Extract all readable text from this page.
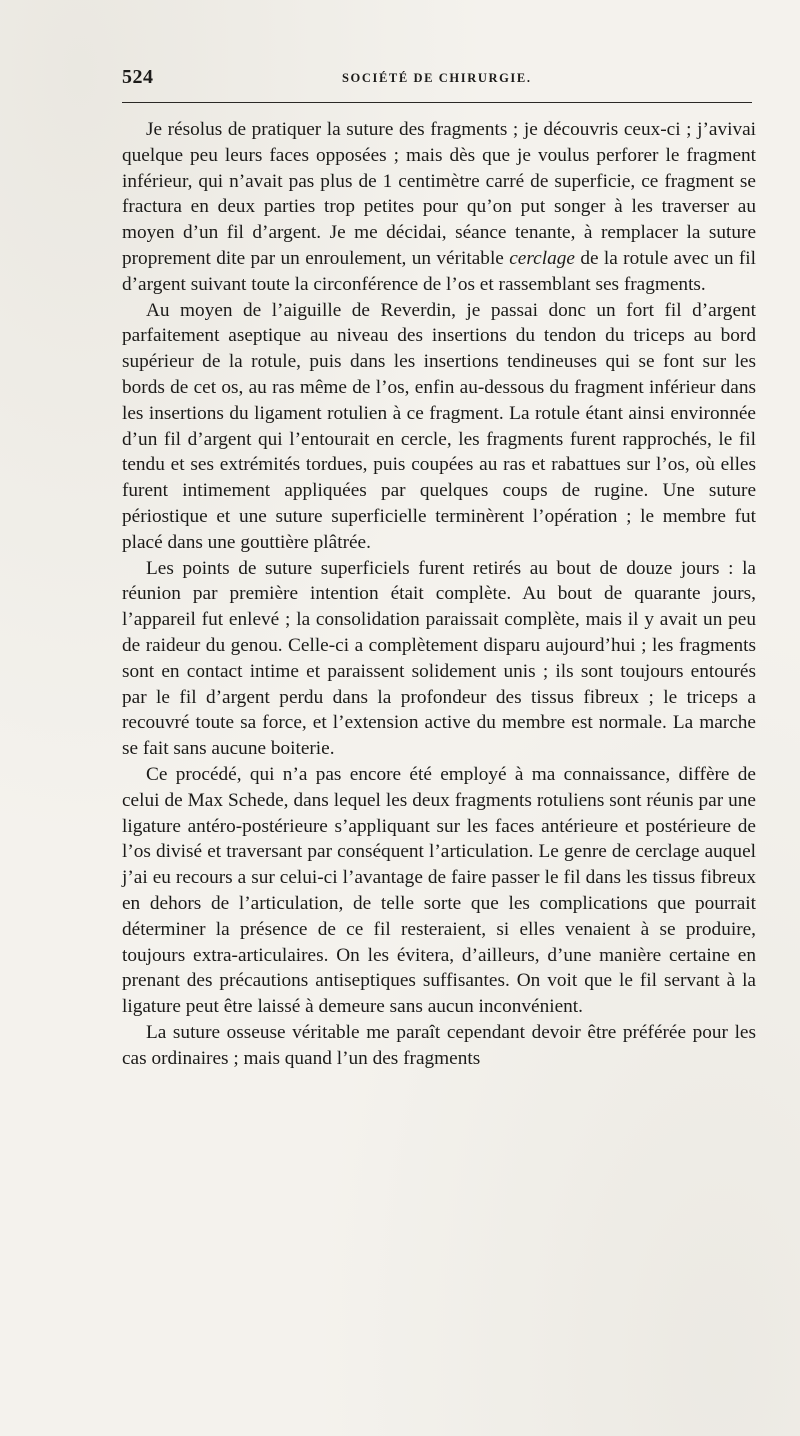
524	SOCIÉTÉ DE CHIRURGIE.

Je résolus de pratiquer la suture des fragments ; je découvris ceux-ci ; j’avivai quelque peu leurs faces opposées ; mais dès que je voulus perforer le fragment inférieur, qui n’avait pas plus de 1 centimètre carré de superficie, ce fragment se fractura en deux parties trop petites pour qu’on put songer à les traverser au moyen d’un fil d’argent. Je me décidai, séance tenante, à remplacer la suture proprement dite par un enroulement, un véritable cerclage de la rotule avec un fil d’argent suivant toute la circonférence de l’os et rassemblant ses fragments.

Au moyen de l’aiguille de Reverdin, je passai donc un fort fil d’argent parfaitement aseptique au niveau des insertions du tendon du triceps au bord supérieur de la rotule, puis dans les insertions tendineuses qui se font sur les bords de cet os, au ras même de l’os, enfin au-dessous du fragment inférieur dans les insertions du ligament rotulien à ce fragment. La rotule étant ainsi environnée d’un fil d’argent qui l’entourait en cercle, les fragments furent rapprochés, le fil tendu et ses extrémités tordues, puis coupées au ras et rabattues sur l’os, où elles furent intimement appliquées par quelques coups de rugine. Une suture périostique et une suture superficielle terminèrent l’opération ; le membre fut placé dans une gouttière plâtrée.

Les points de suture superficiels furent retirés au bout de douze jours : la réunion par première intention était complète. Au bout de quarante jours, l’appareil fut enlevé ; la consolidation paraissait complète, mais il y avait un peu de raideur du genou. Celle-ci a complètement disparu aujourd’hui ; les fragments sont en contact intime et paraissent solidement unis ; ils sont toujours entourés par le fil d’argent perdu dans la profondeur des tissus fibreux ; le triceps a recouvré toute sa force, et l’extension active du membre est normale. La marche se fait sans aucune boiterie.

Ce procédé, qui n’a pas encore été employé à ma connaissance, diffère de celui de Max Schede, dans lequel les deux fragments rotuliens sont réunis par une ligature antéro-postérieure s’appliquant sur les faces antérieure et postérieure de l’os divisé et traversant par conséquent l’articulation. Le genre de cerclage auquel j’ai eu recours a sur celui-ci l’avantage de faire passer le fil dans les tissus fibreux en dehors de l’articulation, de telle sorte que les complications que pourrait déterminer la présence de ce fil resteraient, si elles venaient à se produire, toujours extra-articulaires. On les évitera, d’ailleurs, d’une manière certaine en prenant des précautions antiseptiques suffisantes. On voit que le fil servant à la ligature peut être laissé à demeure sans aucun inconvénient.

La suture osseuse véritable me paraît cependant devoir être préférée pour les cas ordinaires ; mais quand l’un des fragments
